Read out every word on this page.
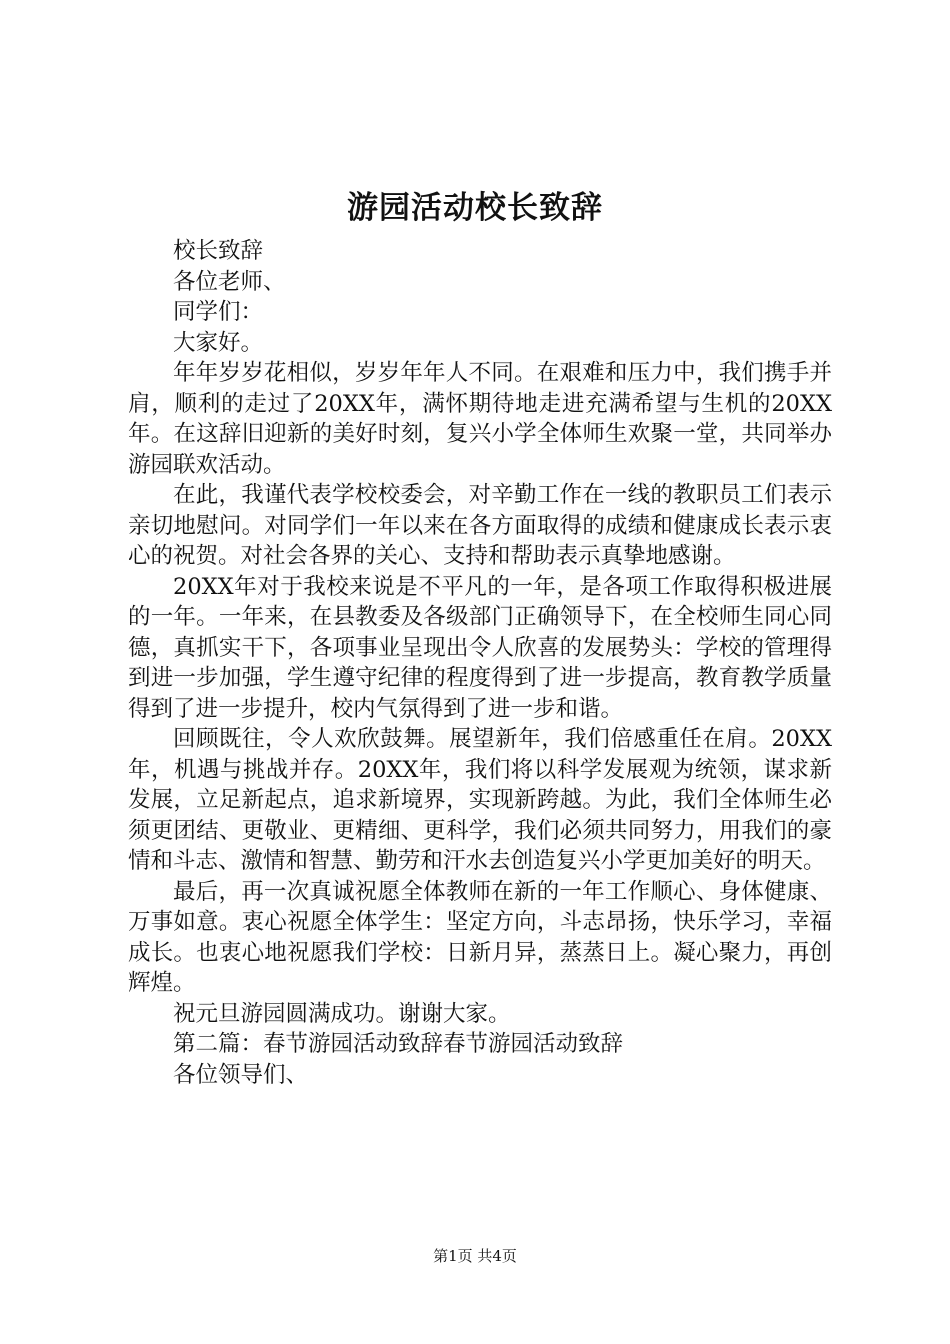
游园活动校长致辞

校长致辞

各位老师、

同学们：

大家好。

年年岁岁花相似，岁岁年年人不同。在艰难和压力中，我们携手并肩，顺利的走过了20XX年，满怀期待地走进充满希望与生机的20XX年。在这辞旧迎新的美好时刻，复兴小学全体师生欢聚一堂，共同举办游园联欢活动。

在此，我谨代表学校校委会，对辛勤工作在一线的教职员工们表示亲切地慰问。对同学们一年以来在各方面取得的成绩和健康成长表示衷心的祝贺。对社会各界的关心、支持和帮助表示真挚地感谢。

20XX年对于我校来说是不平凡的一年，是各项工作取得积极进展的一年。一年来，在县教委及各级部门正确领导下，在全校师生同心同德，真抓实干下，各项事业呈现出令人欣喜的发展势头：学校的管理得到进一步加强，学生遵守纪律的程度得到了进一步提高，教育教学质量得到了进一步提升，校内气氛得到了进一步和谐。

回顾既往，令人欢欣鼓舞。展望新年，我们倍感重任在肩。20XX年，机遇与挑战并存。20XX年，我们将以科学发展观为统领，谋求新发展，立足新起点，追求新境界，实现新跨越。为此，我们全体师生必须更团结、更敬业、更精细、更科学，我们必须共同努力，用我们的豪情和斗志、激情和智慧、勤劳和汗水去创造复兴小学更加美好的明天。

最后，再一次真诚祝愿全体教师在新的一年工作顺心、身体健康、万事如意。衷心祝愿全体学生：坚定方向，斗志昂扬，快乐学习，幸福成长。也衷心地祝愿我们学校：日新月异，蒸蒸日上。凝心聚力，再创辉煌。

祝元旦游园圆满成功。谢谢大家。

第二篇：春节游园活动致辞春节游园活动致辞

各位领导们、

第1页 共4页
